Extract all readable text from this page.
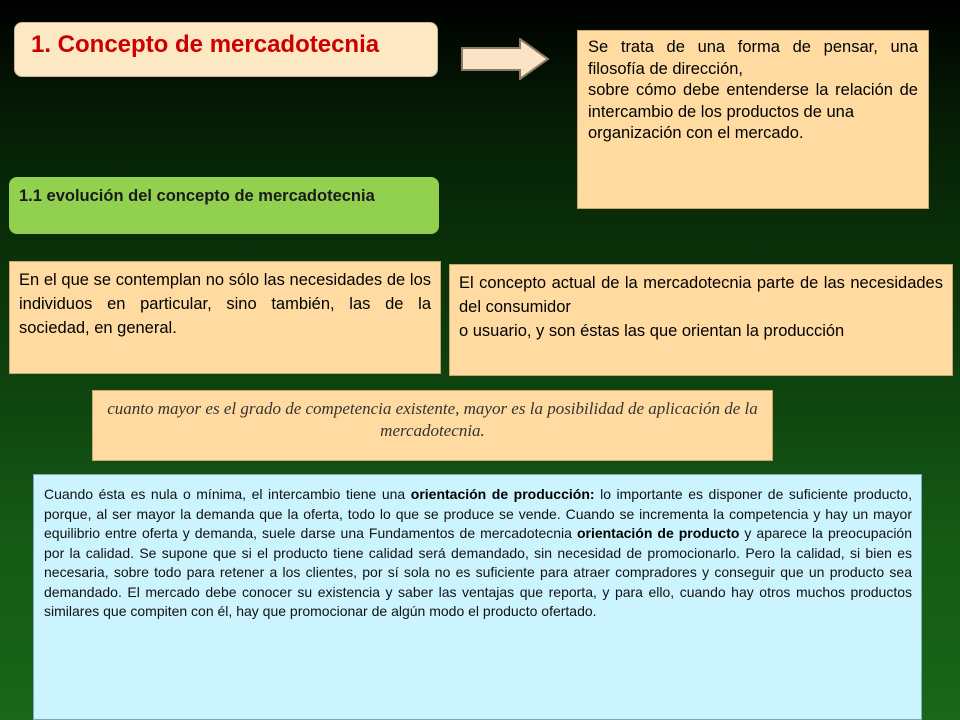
1. Concepto de mercadotecnia	Se trata de una forma de pensar, una filosofía de dirección,

sobre cómo debe entenderse la relación de intercambio de los productos de una

organización con el mercado.

1.1 evolución del concepto de mercadotecnia
En el que se contemplan no sólo las necesidades de los individuos en particular, sino también, las de la sociedad, en general.

El concepto actual de la mercadotecnia parte de las necesidades del consumidor

o usuario, y son éstas las que orientan la producción

cuanto mayor es el grado de competencia existente, mayor es la posibilidad de aplicación de la mercadotecnia.
Cuando ésta es nula o mínima, el intercambio tiene una orientación de producción: lo importante es disponer de suficiente producto, porque, al ser mayor la demanda que la oferta, todo lo que se produce se vende. Cuando se incrementa la competencia y hay un mayor equilibrio entre oferta y demanda, suele darse una Fundamentos de mercadotecnia orientación de producto y aparece la preocupación por la calidad. Se supone que si el producto tiene calidad será demandado, sin necesidad de promocionarlo. Pero la calidad, si bien es necesaria, sobre todo para retener a los clientes, por sí sola no es suficiente para atraer compradores y conseguir que un producto sea demandado. El mercado debe conocer su existencia y saber las ventajas que reporta, y para ello, cuando hay otros muchos productos similares que compiten con él, hay que promocionar de algún modo el producto ofertado.
